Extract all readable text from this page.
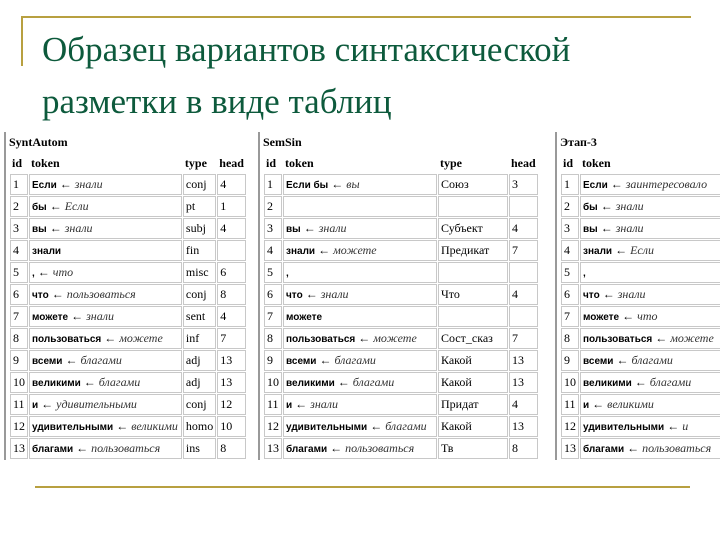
Образец вариантов синтаксической разметки в виде таблиц
SyntAutom
id	token	type	head
1	Если ← знали	conj	4
2	бы ← Если	pt	1
3	вы ← знали	subj	4
4	знали	fin	
5	, ← что	misc	6
6	что ← пользоваться	conj	8
7	можете ← знали	sent	4
8	пользоваться ← можете	inf	7
9	всеми ← благами	adj	13
10	великими ← благами	adj	13
11	и ← удивительными	conj	12
12	удивительными ← великими	homo	10
13	благами ← пользоваться	ins	8
SemSin
id	token	type	head
1	Если бы ← вы	Союз	3
2			
3	вы ← знали	Субъект	4
4	знали ← можете	Предикат	7
5	,		
6	что ← знали	Что	4
7	можете		
8	пользоваться ← можете	Сост_сказ	7
9	всеми ← благами	Какой	13
10	великими ← благами	Какой	13
11	и ← знали	Придат	4
12	удивительными ← благами	Какой	13
13	благами ← пользоваться	Тв	8
Этап-3
id	token
1	Если ← заинтересовало
2	бы ← знали
3	вы ← знали
4	знали ← Если
5	,
6	что ← знали
7	можете ← что
8	пользоваться ← можете
9	всеми ← благами
10	великими ← благами
11	и ← великими
12	удивительными ← и
13	благами ← пользоваться
